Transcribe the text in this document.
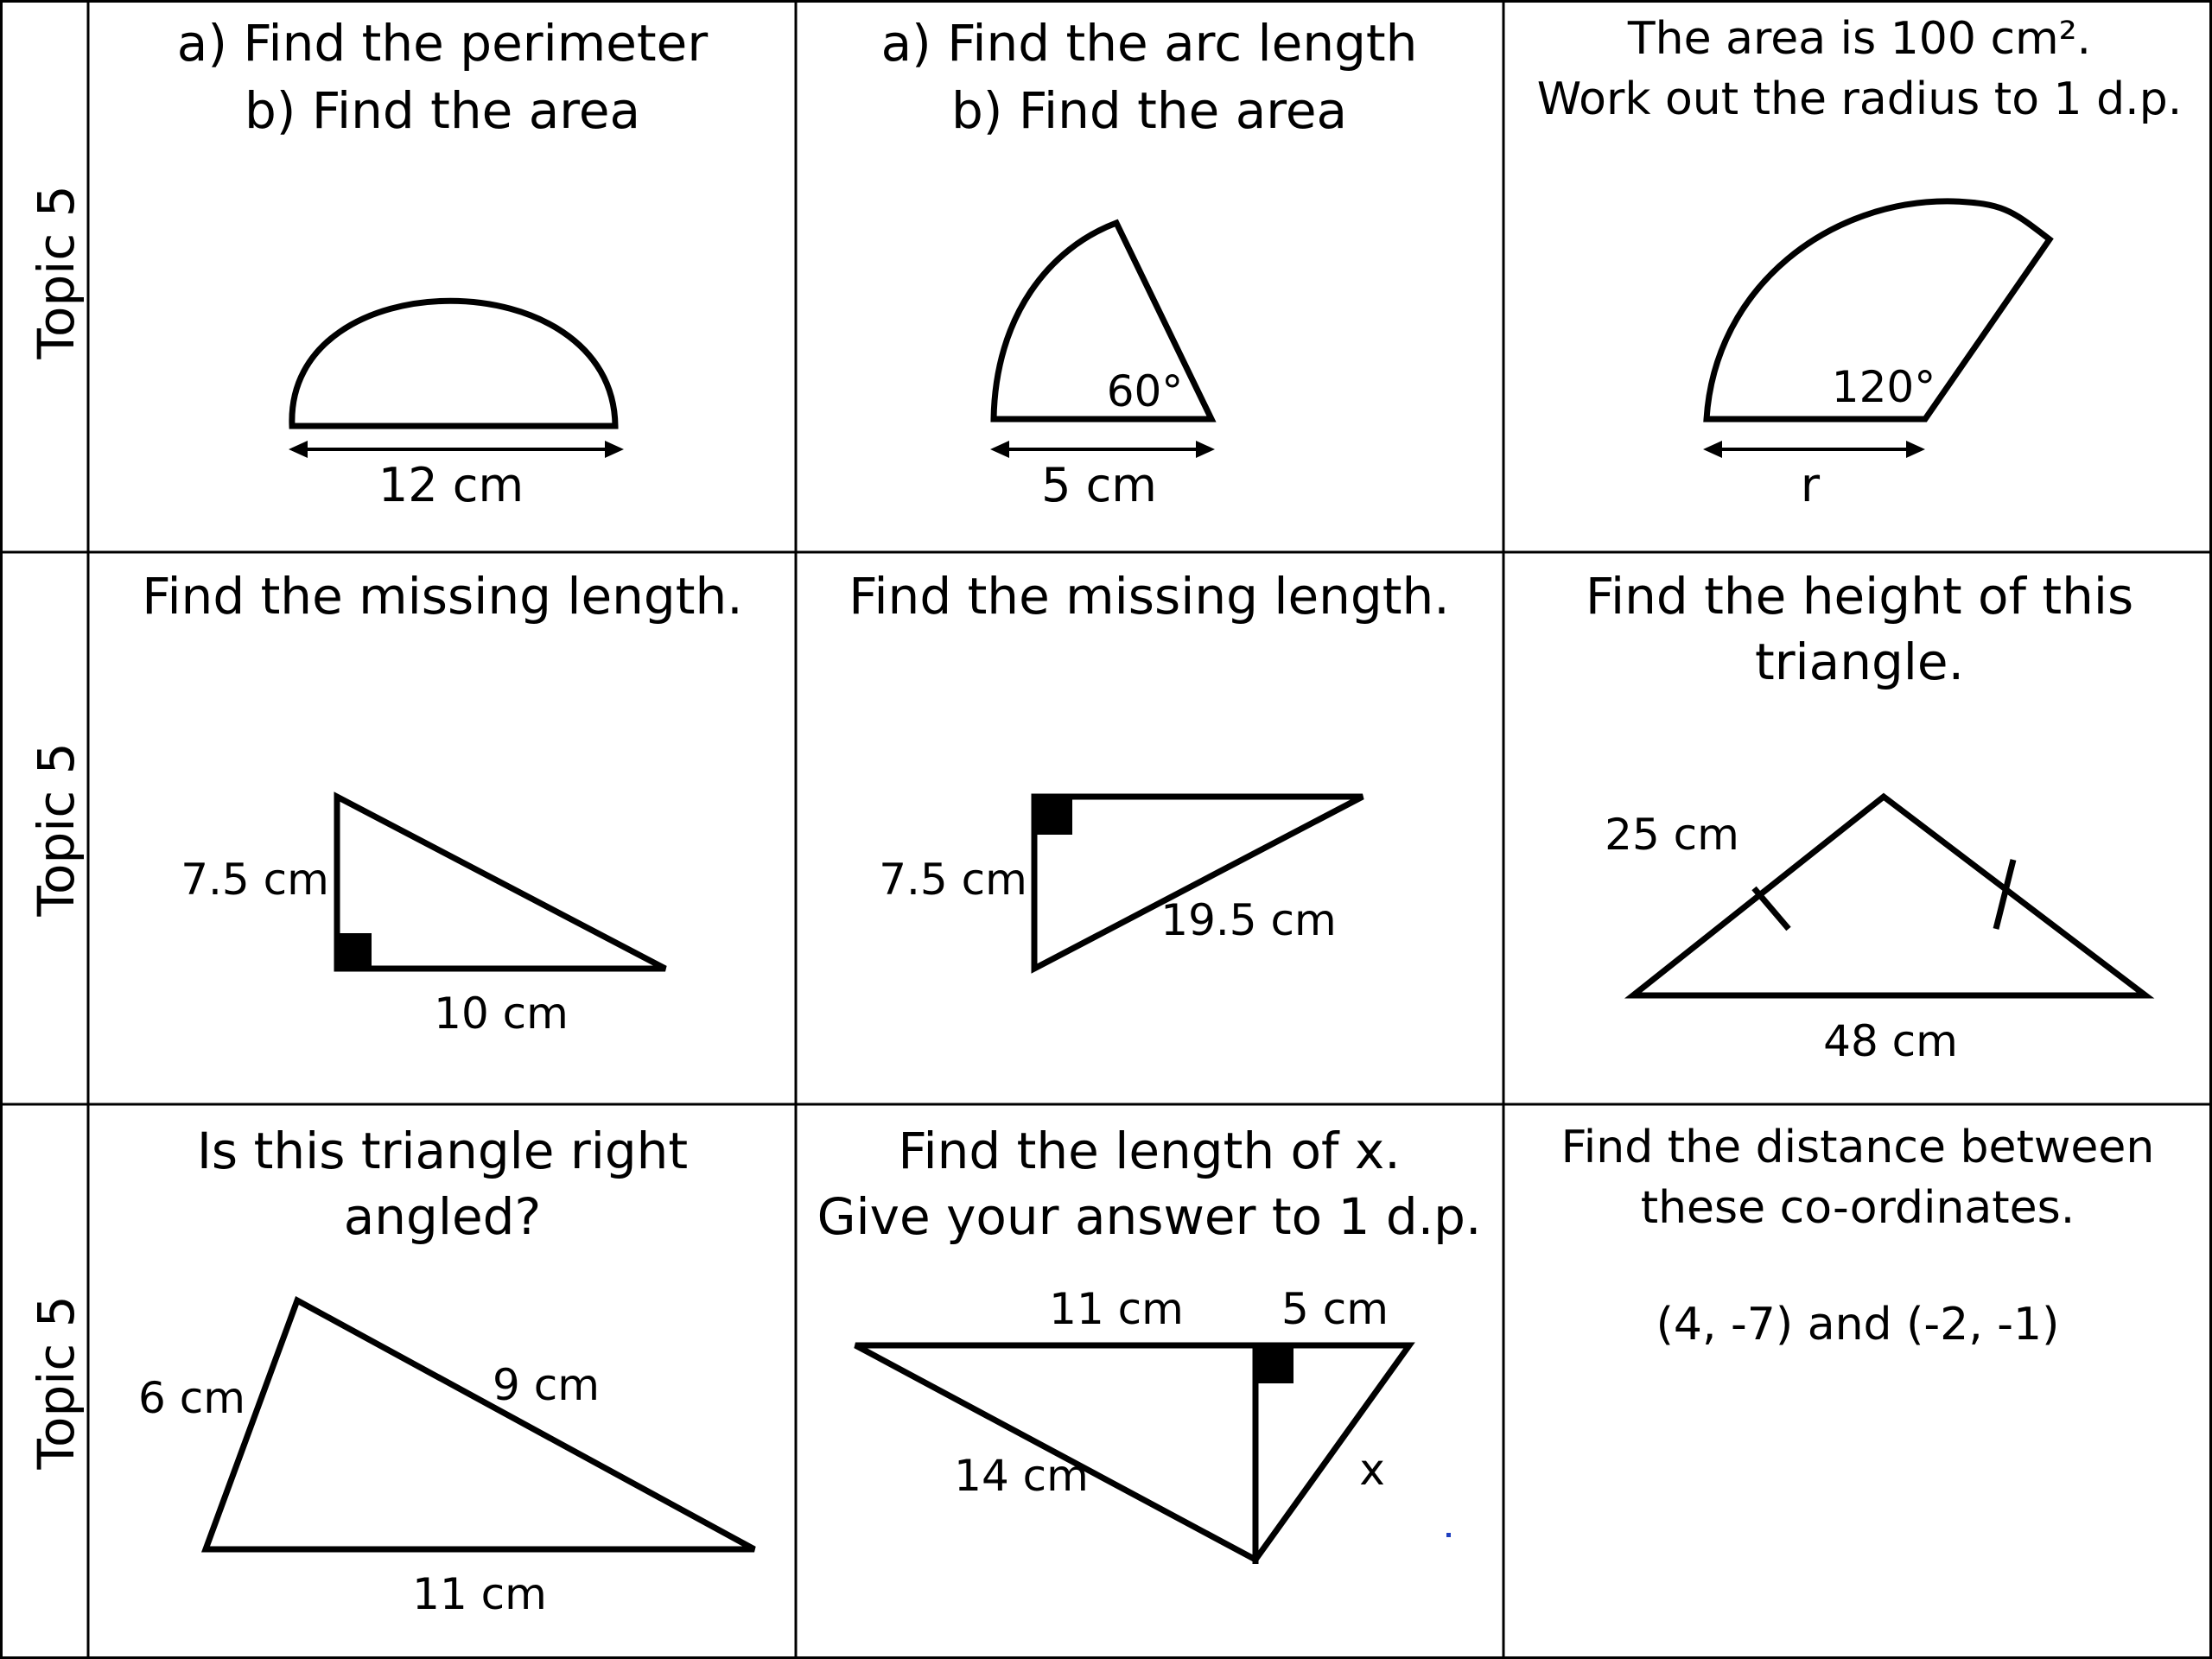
Topic 5
Topic 5
Topic 5
a) Find the perimeter
b) Find the area
12 cm
a) Find the arc length
b) Find the area
60°
5 cm
The area is 100 cm².
Work out the radius to 1 d.p.
120°
r
Find the missing length.
7.5 cm
10 cm
Find the missing length.
7.5 cm
19.5 cm
Find the height of this
triangle.
25 cm
48 cm
Is this triangle right
angled?
6 cm	9 cm
11 cm
Find the length of x.
Give your answer to 1 d.p.
11 cm 5 cm
14 cm	x
Find the distance between
these co-ordinates.
(4, -7) and (-2, -1)
